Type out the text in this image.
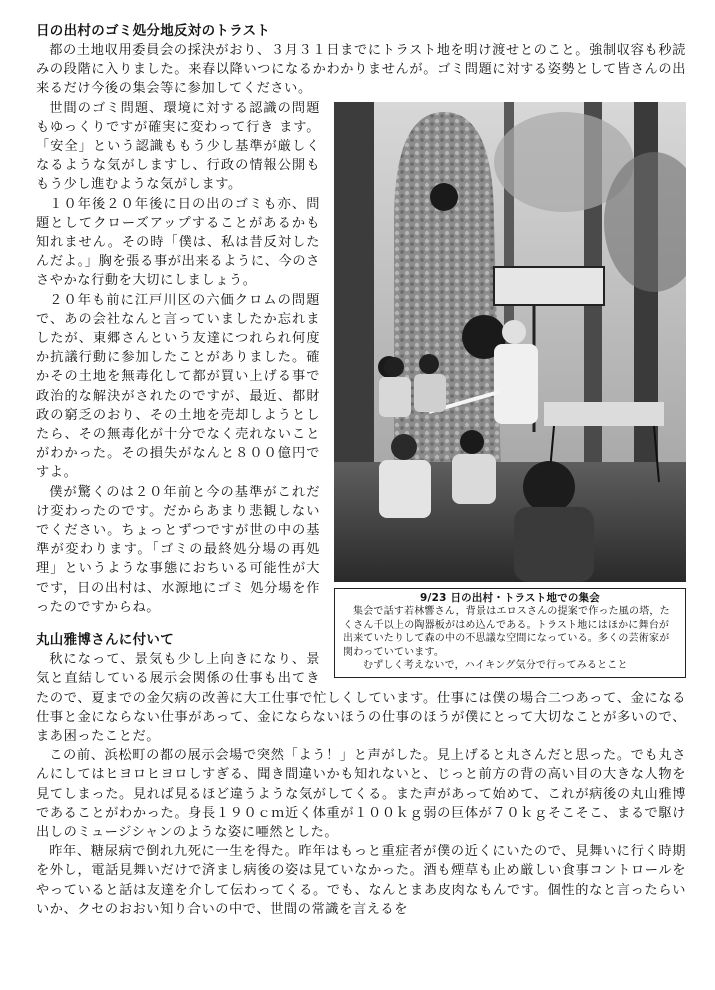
日の出村のゴミ処分地反対のトラスト

都の土地収用委員会の採決がおり、３月３１日までにトラスト地を明け渡せとのこと。強制収容も秒読みの段階に入りました。来春以降いつになるかわかりませんが。ゴミ問題に対する姿勢として皆さんの出来るだけ今後の集会等に参加してください。

9/23 日の出村・トラスト地での集会
集会で話す若林響さん，背景はエロスさんの提案で作った風の塔，たくさん千以上の陶器板がはめ込んである。トラスト地にはほかに舞台が出来ていたりして森の中の不思議な空間になっている。多くの芸術家が関わっていています。
むずしく考えないで，ハイキング気分で行ってみるとこと

世間のゴミ問題、環境に対する認識の問題もゆっくりですが確実に変わって行き ます。「安全」という認識ももう少し基準が厳しくなるような気がしますし、行政の情報公開ももう少し進むような気がします。

１０年後２０年後に日の出のゴミも亦、問題としてクローズアップすることがあるかも知れません。その時「僕は、私は昔反対したんだよ。」胸を張る事が出来るように、今のささやかな行動を大切にしましょう。

２０年も前に江戸川区の六価クロムの問題で、あの会社なんと言っていましたか忘れましたが、東郷さんという友達につれられ何度か抗議行動に参加したことがありました。確かその土地を無毒化して都が買い上げる事で政治的な解決がされたのですが、最近、都財政の窮乏のおり、その土地を売却しようとしたら、その無毒化が十分でなく売れないことがわかった。その損失がなんと８００億円ですよ。

僕が驚くのは２０年前と今の基準がこれだけ変わったのです。だからあまり悲観しないでください。ちょっとずつですが世の中の基準が変わります。「ゴミの最終処分場の再処理」というような事態におちいる可能性が大です，日の出村は、水源地にゴミ 処分場を作ったのですからね。

丸山雅博さんに付いて

秋になって、景気も少し上向きになり、景気と直結している展示会関係の仕事も出てきたので、夏までの金欠病の改善に大工仕事で忙しくしています。仕事には僕の場合二つあって、金になる仕事と金にならない仕事があって、金にならないほうの仕事のほうが僕にとって大切なことが多いので、まあ困ったことだ。

この前、浜松町の都の展示会場で突然「よう！」と声がした。見上げると丸さんだと思った。でも丸さんにしてはヒヨロヒヨロしすぎる、聞き間違いかも知れないと、じっと前方の背の高い目の大きな人物を見てしまった。見れば見るほど違うような気がしてくる。また声があって始めて、これが病後の丸山雅博であることがわかった。身長１９０ｃｍ近く体重が１００ｋｇ弱の巨体が７０ｋｇそこそこ、まるで駆け出しのミュージシャンのような姿に唖然とした。

昨年、糖尿病で倒れ九死に一生を得た。昨年はもっと重症者が僕の近くにいたので、見舞いに行く時期を外し，電話見舞いだけで済まし病後の姿は見ていなかった。酒も煙草も止め厳しい食事コントロールをやっていると話は友達を介して伝わってくる。でも、なんとまあ皮肉なもんです。個性的なと言ったらいいか、クセのおおい知り合いの中で、世間の常識を言えるを
